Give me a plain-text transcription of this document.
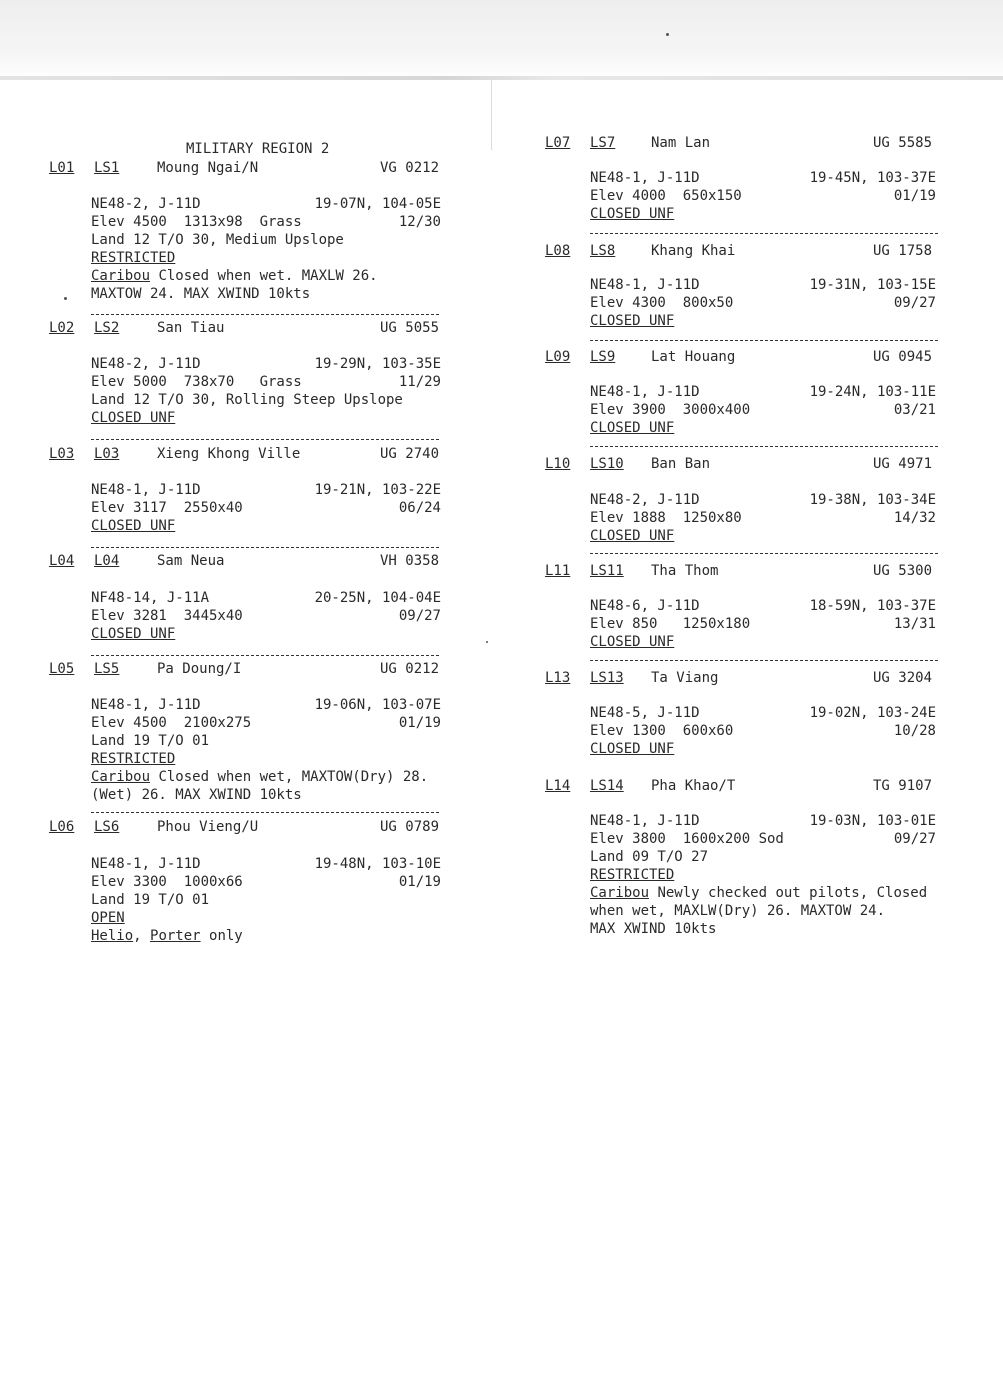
MILITARY REGION 2
L01 LS1	Moung Ngai/N	VG 0212
NE48-2, J-11D	19-07N, 104-05E
Elev 4500  1313x98  Grass	12/30
Land 12 T/O 30, Medium Upslope
RESTRICTED
Caribou Closed when wet. MAXLW 26.
MAXTOW 24. MAX XWIND 10kts
L02 LS2	San Tiau	UG 5055
NE48-2, J-11D	19-29N, 103-35E
Elev 5000  738x70   Grass	11/29
Land 12 T/O 30, Rolling Steep Upslope
CLOSED UNF
L03 L03	Xieng Khong Ville	UG 2740
NE48-1, J-11D	19-21N, 103-22E
Elev 3117  2550x40	06/24
CLOSED UNF
L04 L04	Sam Neua	VH 0358
NF48-14, J-11A	20-25N, 104-04E
Elev 3281  3445x40	09/27
CLOSED UNF
L05 LS5	Pa Doung/I	UG 0212
NE48-1, J-11D	19-06N, 103-07E
Elev 4500  2100x275	01/19
Land 19 T/O 01
RESTRICTED
Caribou Closed when wet, MAXTOW(Dry) 28.
(Wet) 26. MAX XWIND 10kts
L06 LS6	Phou Vieng/U	UG 0789
NE48-1, J-11D	19-48N, 103-10E
Elev 3300  1000x66	01/19
Land 19 T/O 01
OPEN
Helio, Porter only
L07 LS7	Nam Lan	UG 5585
NE48-1, J-11D	19-45N, 103-37E
Elev 4000  650x150	01/19
CLOSED UNF
L08 LS8	Khang Khai	UG 1758
NE48-1, J-11D	19-31N, 103-15E
Elev 4300  800x50	09/27
CLOSED UNF
L09 LS9	Lat Houang	UG 0945
NE48-1, J-11D	19-24N, 103-11E
Elev 3900  3000x400	03/21
CLOSED UNF
L10 LS10 Ban Ban	UG 4971
NE48-2, J-11D	19-38N, 103-34E
Elev 1888  1250x80	14/32
CLOSED UNF
L11 LS11 Tha Thom	UG 5300
NE48-6, J-11D	18-59N, 103-37E
Elev 850   1250x180	13/31
CLOSED UNF
L13 LS13 Ta Viang	UG 3204
NE48-5, J-11D	19-02N, 103-24E
Elev 1300  600x60	10/28
CLOSED UNF
L14 LS14 Pha Khao/T	TG 9107
NE48-1, J-11D	19-03N, 103-01E
Elev 3800  1600x200 Sod	09/27
Land 09 T/O 27
RESTRICTED
Caribou Newly checked out pilots, Closed
when wet, MAXLW(Dry) 26. MAXTOW 24.
MAX XWIND 10kts
